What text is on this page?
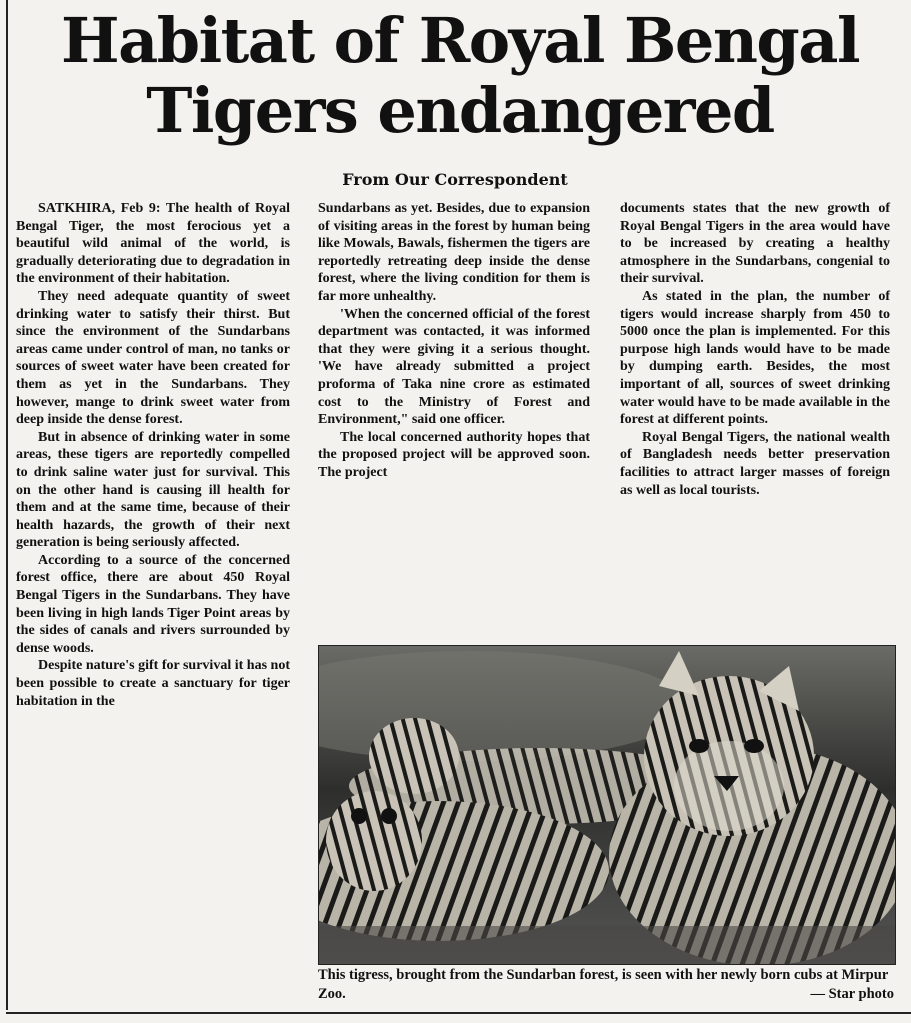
Habitat of Royal Bengal Tigers endangered
From Our Correspondent

SATKHIRA, Feb 9: The health of Royal Bengal Tiger, the most ferocious yet a beautiful wild animal of the world, is gradually deteriorating due to degradation in the environment of their habitation.

They need adequate quantity of sweet drinking water to satisfy their thirst. But since the environment of the Sundarbans areas came under control of man, no tanks or sources of sweet water have been created for them as yet in the Sundarbans. They however, mange to drink sweet water from deep inside the dense forest.

But in absence of drinking water in some areas, these tigers are reportedly compelled to drink saline water just for survival. This on the other hand is causing ill health for them and at the same time, because of their health hazards, the growth of their next generation is being seriously affected.

According to a source of the concerned forest office, there are about 450 Royal Bengal Tigers in the Sundarbans. They have been living in high lands Tiger Point areas by the sides of canals and rivers surrounded by dense woods.

Despite nature's gift for survival it has not been possible to create a sanctuary for tiger habitation in the

Sundarbans as yet. Besides, due to expansion of visiting areas in the forest by human being like Mowals, Bawals, fishermen the tigers are reportedly retreating deep inside the dense forest, where the living condition for them is far more unhealthy.

'When the concerned official of the forest department was contacted, it was informed that they were giving it a serious thought. 'We have already submitted a project proforma of Taka nine crore as estimated cost to the Ministry of Forest and Environment," said one officer.

The local concerned authority hopes that the proposed project will be approved soon. The project

documents states that the new growth of Royal Bengal Tigers in the area would have to be increased by creating a healthy atmosphere in the Sundarbans, congenial to their survival.

As stated in the plan, the number of tigers would increase sharply from 450 to 5000 once the plan is implemented. For this purpose high lands would have to be made by dumping earth. Besides, the most important of all, sources of sweet drinking water would have to be made available in the forest at different points.

Royal Bengal Tigers, the national wealth of Bangladesh needs better preservation facilities to attract larger masses of foreign as well as local tourists.

This tigress, brought from the Sundarban forest, is seen with her newly born cubs at Mirpur Zoo.	— Star photo
